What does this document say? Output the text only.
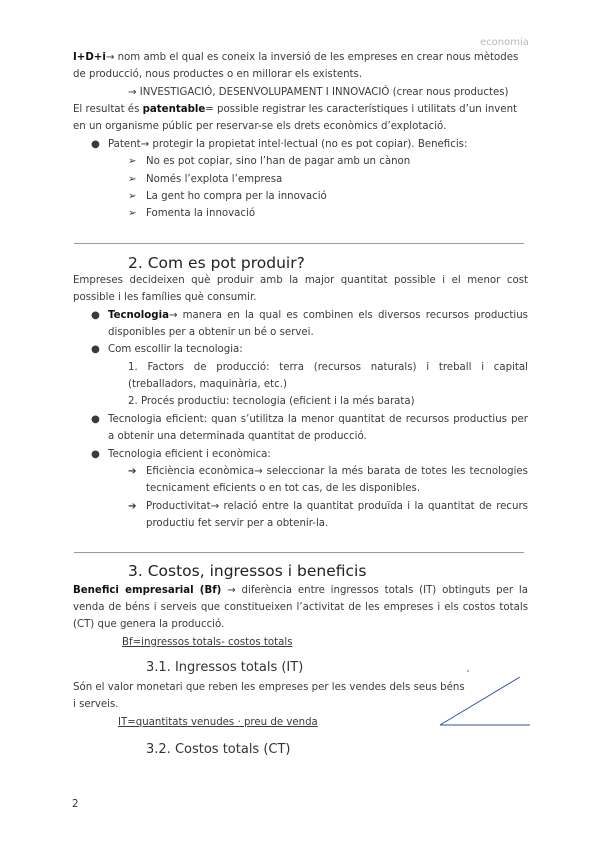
economia
I+D+i→ nom amb el qual es coneix la inversió de les empreses en crear nous mètodes de producció, nous productes o en millorar els existents.
→ INVESTIGACIÓ, DESENVOLUPAMENT I INNOVACIÓ (crear nous productes)
El resultat és patentable= possible registrar les característiques i utilitats d’un invent en un organisme públic per reservar-se els drets econòmics d’explotació.
● Patent→ protegir la propietat intel·lectual (no es pot copiar). Beneficis:
➢ No es pot copiar, sino l’han de pagar amb un cànon
➢ Només l’explota l’empresa
➢ La gent ho compra per la innovació
➢ Fomenta la innovació
2. Com es pot produir?
Empreses decideixen què produir amb la major quantitat possible i el menor cost possible i les famílies què consumir.
● Tecnologia→ manera en la qual es combinen els diversos recursos productius disponibles per a obtenir un bé o servei.
● Com escollir la tecnologia:
1. Factors de producció: terra (recursos naturals) i treball i capital (treballadors, maquinària, etc.)
2. Procés productiu: tecnologia (eficient i la més barata)
● Tecnologia eficient: quan s’utilitza la menor quantitat de recursos productius per a obtenir una determinada quantitat de producció.
● Tecnologia eficient i econòmica:
➔ Eficiència econòmica→ seleccionar la més barata de totes les tecnologies tecnicament eficients o en tot cas, de les disponibles.
➔ Productivitat→ relació entre la quantitat produïda i la quantitat de recurs productiu fet servir per a obtenir-la.
3. Costos, ingressos i beneficis
Benefici empresarial (Bf) → diferència entre ingressos totals (IT) obtinguts per la venda de béns i serveis que constitueixen l’activitat de les empreses i els costos totals (CT) que genera la producció.
Bf=ingressos totals- costos totals
3.1. Ingressos totals (IT)
Són el valor monetari que reben les empreses per les vendes dels seus béns i serveis.
IT=quantitats venudes · preu de venda
3.2. Costos totals (CT)
2
